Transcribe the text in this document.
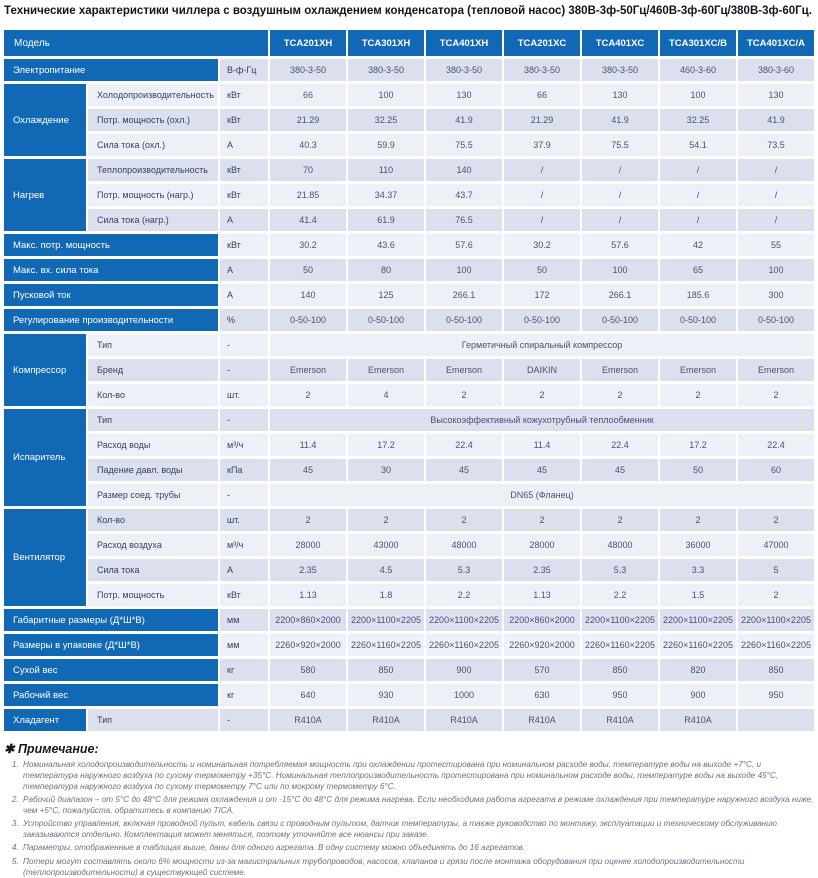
Технические характеристики чиллера с воздушным охлаждением конденсатора (тепловой насос) 380В-3ф-50Гц/460В-3ф-60Гц/380В-3ф-60Гц.
Модель			TCA201XH	TCA301XH	TCA401XH	TCA201XC	TCA401XC	TCA301XC/B	TCA401XC/A
Электропитание		В-ф-Гц	380-3-50	380-3-50	380-3-50	380-3-50	380-3-50	460-3-60	380-3-60
Охлаждение	Холодопроизводительность	кВт	66	100	130	66	130	100	130
	Потр. мощность (охл.)	кВт	21.29	32.25	41.9	21.29	41.9	32.25	41.9
	Сила тока (охл.)	А	40.3	59.9	75.5	37.9	75.5	54.1	73.5
Нагрев	Теплопроизводительность	кВт	70	110	140	/	/	/	/
	Потр. мощность (нагр.)	кВт	21.85	34.37	43.7	/	/	/	/
	Сила тока (нагр.)	А	41.4	61.9	76.5	/	/	/	/
Макс. потр. мощность		кВт	30.2	43.6	57.6	30.2	57.6	42	55
Макс. вх. сила тока		А	50	80	100	50	100	65	100
Пусковой ток		А	140	125	266.1	172	266.1	185.6	300
Регулирование производительности		%	0-50-100	0-50-100	0-50-100	0-50-100	0-50-100	0-50-100	0-50-100
Компрессор	Тип	-	Герметичный спиральный компрессор						
	Бренд	-	Emerson	Emerson	Emerson	DAIKIN	Emerson	Emerson	Emerson
	Кол-во	шт.	2	4	2	2	2	2	2
Испаритель	Тип	-	Высокоэффективный кожухотрубный теплообменник						
	Расход воды	м³/ч	11.4	17.2	22.4	11.4	22.4	17.2	22.4
	Падение давл. воды	кПа	45	30	45	45	45	50	60
	Размер соед. трубы	-	DN65 (Фланец)						
Вентилятор	Кол-во	шт.	2	2	2	2	2	2	2
	Расход воздуха	м³/ч	28000	43000	48000	28000	48000	36000	47000
	Сила тока	А	2.35	4.5	5.3	2.35	5.3	3.3	5
	Потр. мощность	кВт	1.13	1.8	2.2	1.13	2.2	1.5	2
Габаритные размеры (Д*Ш*В)		мм	2200×860×2000	2200×1100×2205	2200×1100×2205	2200×860×2000	2200×1100×2205	2200×1100×2205	2200×1100×2205
Размеры в упаковке (Д*Ш*В)		мм	2260×920×2000	2260×1160×2205	2260×1160×2205	2260×920×2000	2260×1160×2205	2260×1160×2205	2260×1160×2205
Сухой вес		кг	580	850	900	570	850	820	850
Рабочий вес		кг	640	930	1000	630	950	900	950
Хладагент	Тип	-	R410A	R410A	R410A	R410A	R410A	R410A	
✱ Примечание:
1. Номинальная холодопроизводительность и номинальная потребляемая мощность при охлаждении протестирована при номинальном расходе воды, температуре воды на выходе +7°С, и температура наружного воздуха по сухому термометру +35°С. Номинальная теплопроизводительность протестирована при номинальном расходе воды, температуре воды на выходе 45°С, температура наружного воздуха по сухому термометру 7°С или по мокрому термометру 6°С.
2. Рабочий диапазон – от 5°С до 48°С для режима охлаждения и от -15°С до 48°С для режима нагрева. Если необходима работа агрегата в режиме охлаждения при температуре наружного воздуха ниже, чем +5°С, пожалуйста, обратитесь в компанию TICA.
3. Устройство управления, включая проводной пульт, кабель связи с проводным пультом, датчик температуры, а также руководство по монтажу, эксплуатации и техническому обслуживанию заказываются отдельно. Комплектация может меняться, поэтому уточняйте все нюансы при заказе.
4. Параметры, отображенные в таблицах выше, даны для одного агрегата. В одну систему можно объединять до 16 агрегатов.
5. Потери могут составлять около 6% мощности из-за магистральных трубопроводов, насосов, клапанов и грязи после монтажа оборудования при оценке холодопроизводительности (теплопроизводительности) в существующей системе.
